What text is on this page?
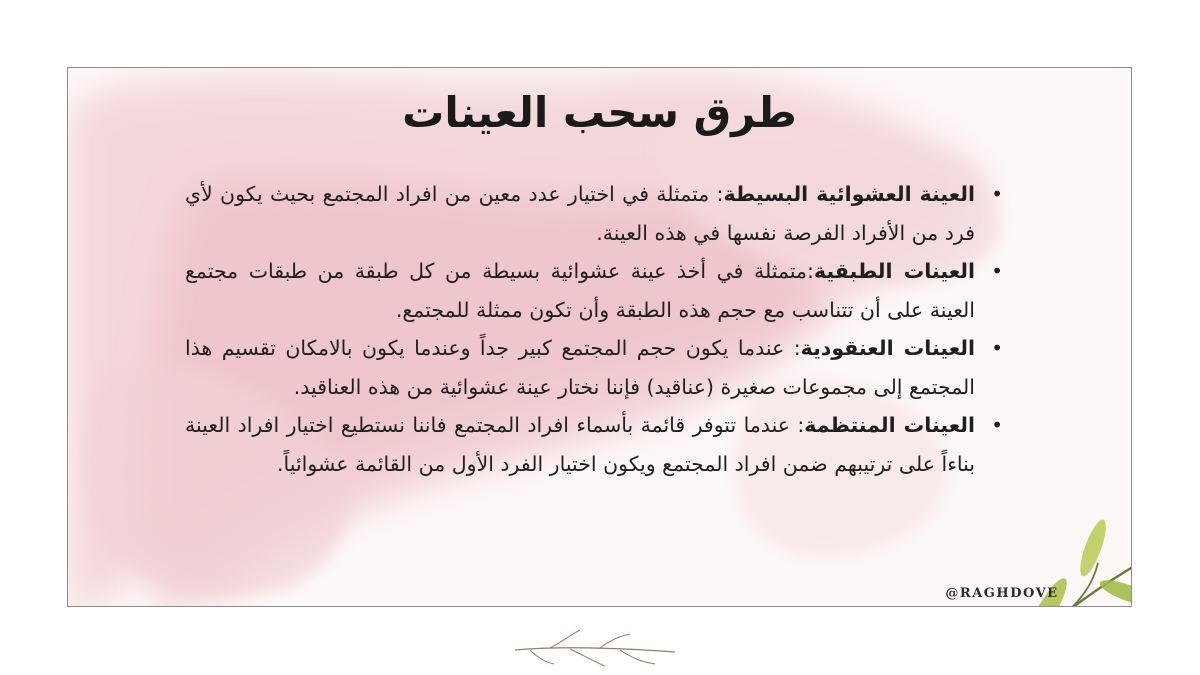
طرق سحب العينات
•
العينة العشوائية البسيطة: متمثلة في اختيار عدد معين من افراد المجتمع بحيث يكون لأي فرد من الأفراد الفرصة نفسها في هذه العينة.
•
العينات الطبقية:متمثلة في أخذ عينة عشوائية بسيطة من كل طبقة من طبقات مجتمع العينة على أن تتناسب مع حجم هذه الطبقة وأن تكون ممثلة للمجتمع.
•
العينات العنقودية: عندما يكون حجم المجتمع كبير جداً وعندما يكون بالامكان تقسيم هذا المجتمع إلى مجموعات صغيرة (عناقيد) فإننا نختار عينة عشوائية من هذه العناقيد.
•
العينات المنتظمة: عندما تتوفر قائمة بأسماء افراد المجتمع فاننا نستطيع اختيار افراد العينة بناءاً على ترتيبهم ضمن افراد المجتمع ويكون اختيار الفرد الأول من القائمة عشوائياً.
@RAGHDOVE
